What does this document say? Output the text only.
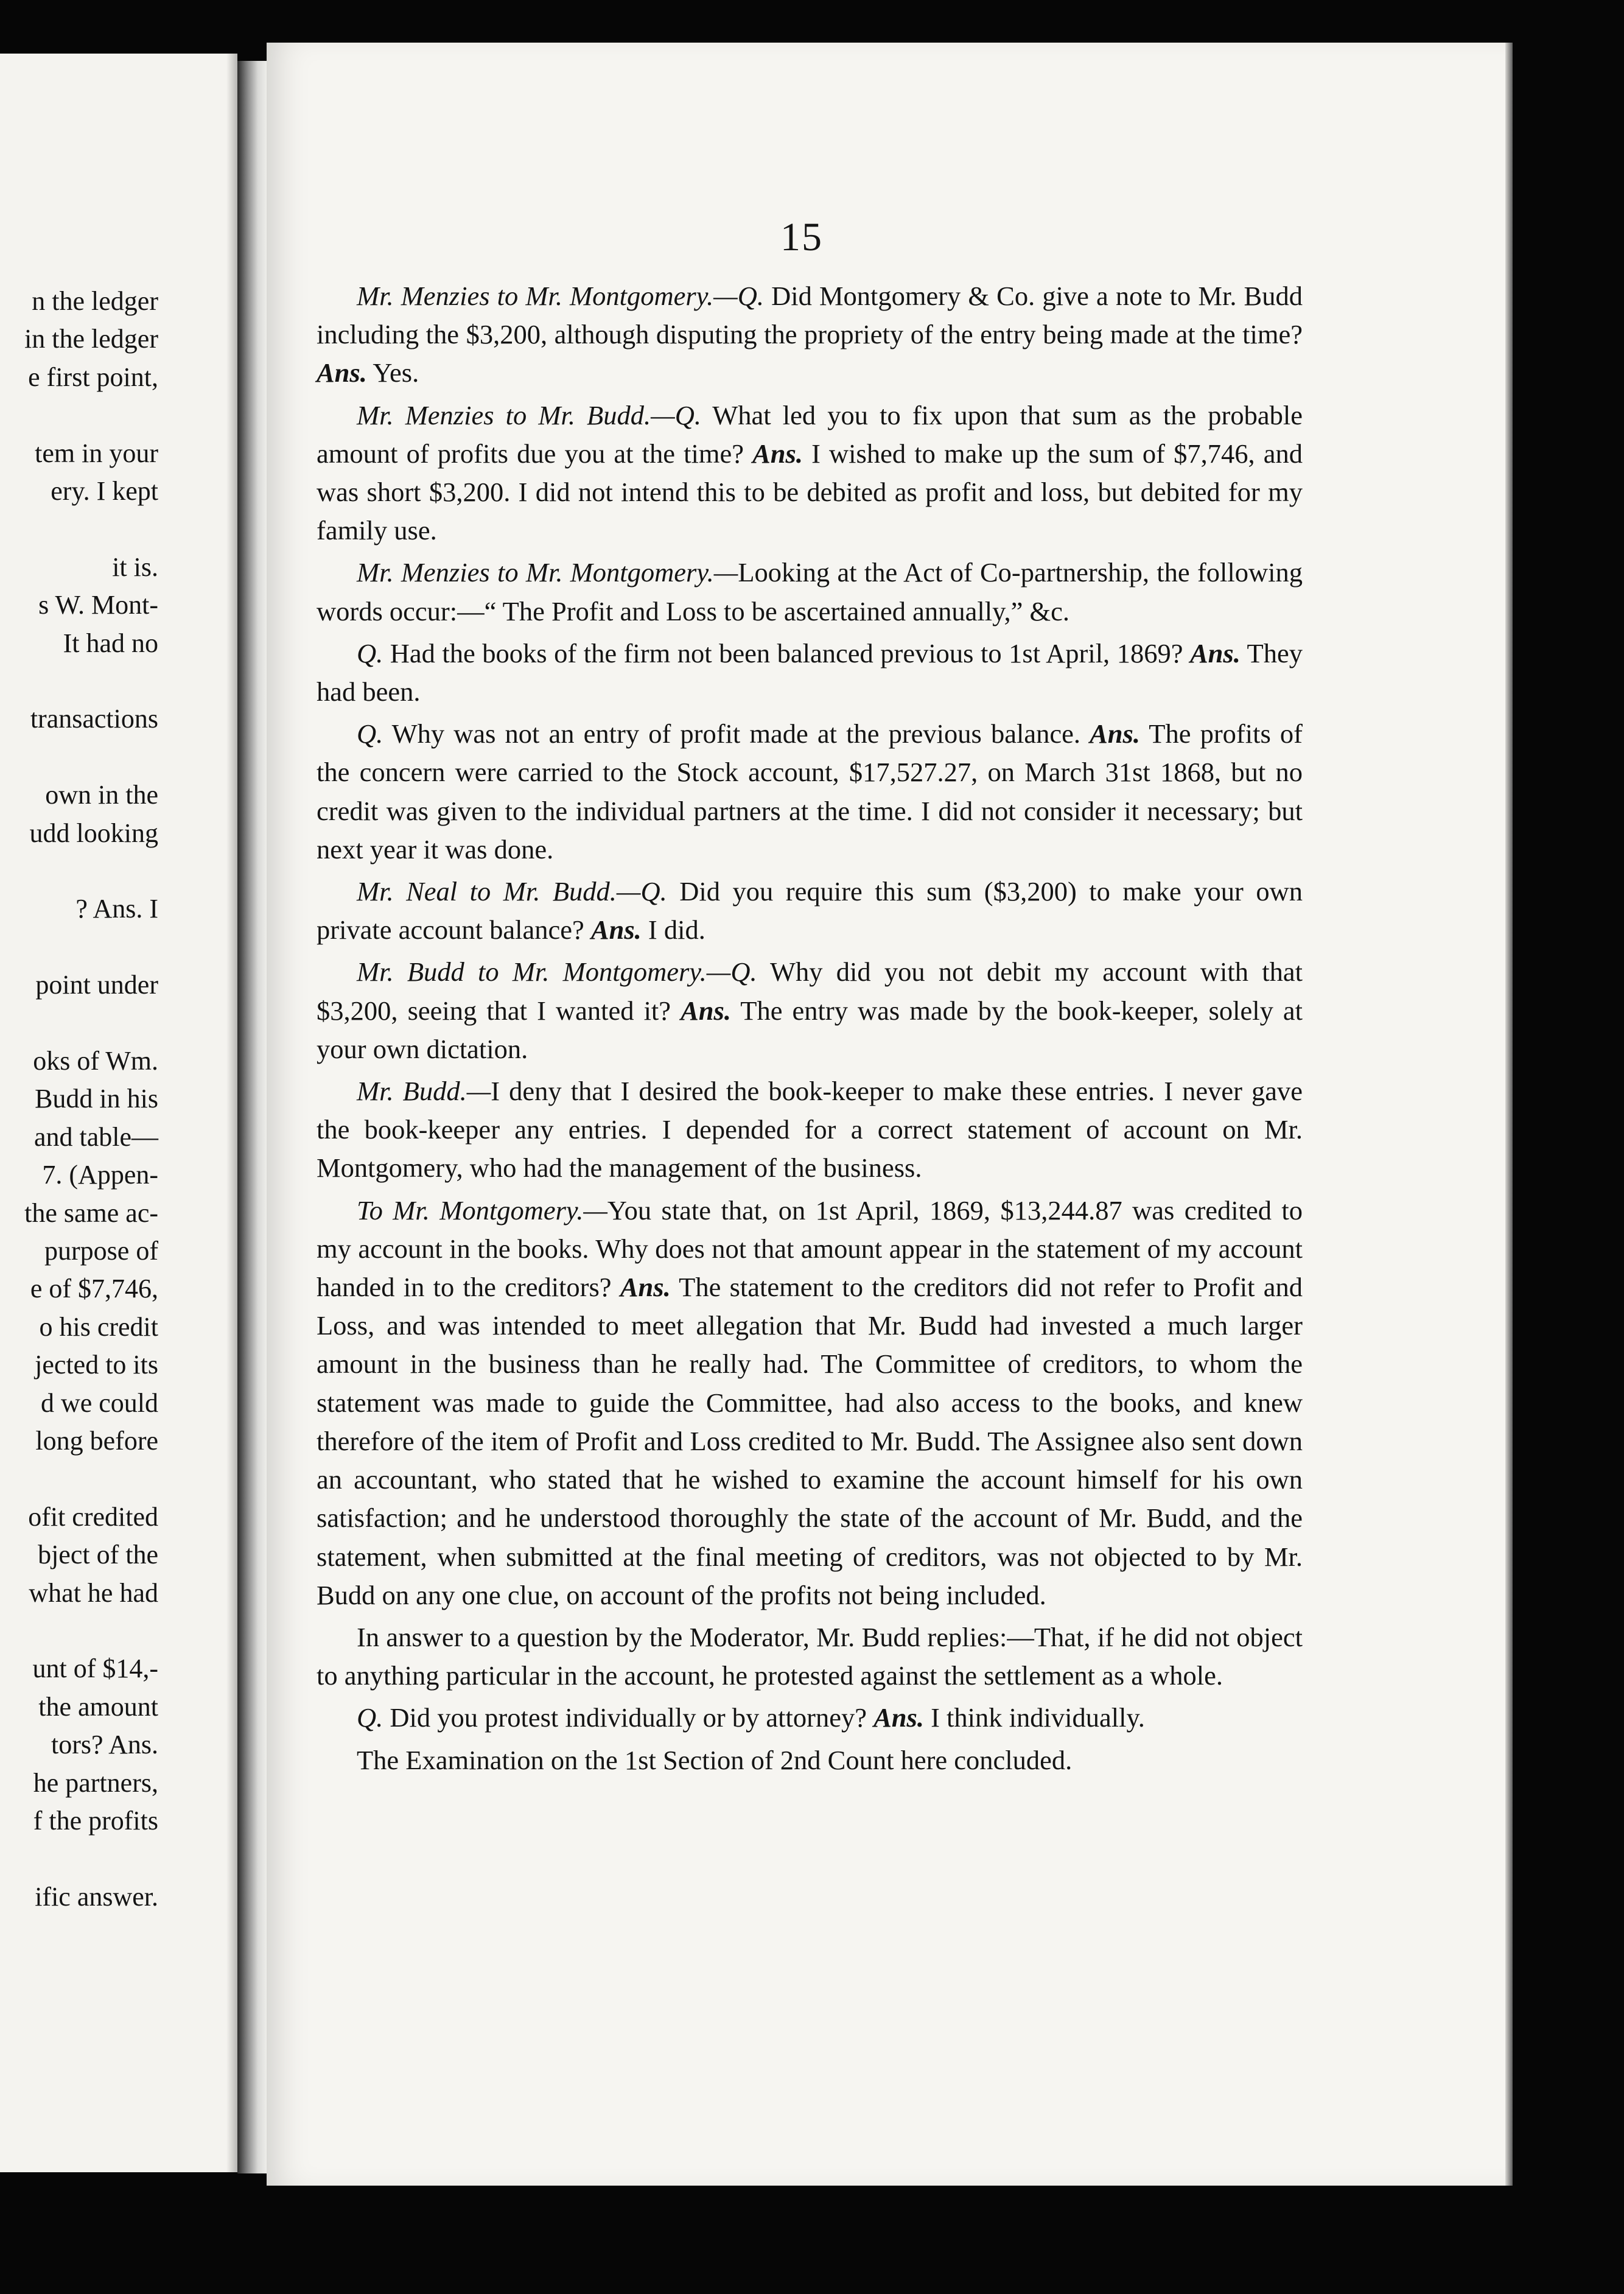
n the ledger
in the ledger
e first point,
tem in your
ery. I kept
it is.
s W. Mont-
It had no
transactions
own in the
udd looking
? Ans. I
point under
oks of Wm.
Budd in his
and table—
7. (Appen-
the same ac-
purpose of
e of $7,746,
o his credit
jected to its
d we could
long before
ofit credited
bject of the
what he had
unt of $14,-
the amount
tors? Ans.
he partners,
f the profits
ific answer.
15

Mr. Menzies to Mr. Montgomery.—Q. Did Montgomery & Co. give a note to Mr. Budd including the $3,200, although disputing the propriety of the entry being made at the time? Ans. Yes.

Mr. Menzies to Mr. Budd.—Q. What led you to fix upon that sum as the probable amount of profits due you at the time? Ans. I wished to make up the sum of $7,746, and was short $3,200. I did not intend this to be debited as profit and loss, but debited for my family use.

Mr. Menzies to Mr. Montgomery.—Looking at the Act of Co-partnership, the following words occur:—“ The Profit and Loss to be ascertained annually,” &c.

Q. Had the books of the firm not been balanced previous to 1st April, 1869? Ans. They had been.

Q. Why was not an entry of profit made at the previous balance. Ans. The profits of the concern were carried to the Stock account, $17,527.27, on March 31st 1868, but no credit was given to the individual partners at the time. I did not consider it necessary; but next year it was done.

Mr. Neal to Mr. Budd.—Q. Did you require this sum ($3,200) to make your own private account balance? Ans. I did.

Mr. Budd to Mr. Montgomery.—Q. Why did you not debit my account with that $3,200, seeing that I wanted it? Ans. The entry was made by the book-keeper, solely at your own dictation.

Mr. Budd.—I deny that I desired the book-keeper to make these entries. I never gave the book-keeper any entries. I depended for a correct statement of account on Mr. Montgomery, who had the management of the business.

To Mr. Montgomery.—You state that, on 1st April, 1869, $13,244.87 was credited to my account in the books. Why does not that amount appear in the statement of my account handed in to the creditors? Ans. The statement to the creditors did not refer to Profit and Loss, and was intended to meet allegation that Mr. Budd had invested a much larger amount in the business than he really had. The Committee of creditors, to whom the statement was made to guide the Committee, had also access to the books, and knew therefore of the item of Profit and Loss credited to Mr. Budd. The Assignee also sent down an accountant, who stated that he wished to examine the account himself for his own satisfaction; and he understood thoroughly the state of the account of Mr. Budd, and the statement, when submitted at the final meeting of creditors, was not objected to by Mr. Budd on any one clue, on account of the profits not being included.

In answer to a question by the Moderator, Mr. Budd replies:—That, if he did not object to anything particular in the account, he protested against the settlement as a whole.

Q. Did you protest individually or by attorney? Ans. I think individually.

The Examination on the 1st Section of 2nd Count here concluded.
